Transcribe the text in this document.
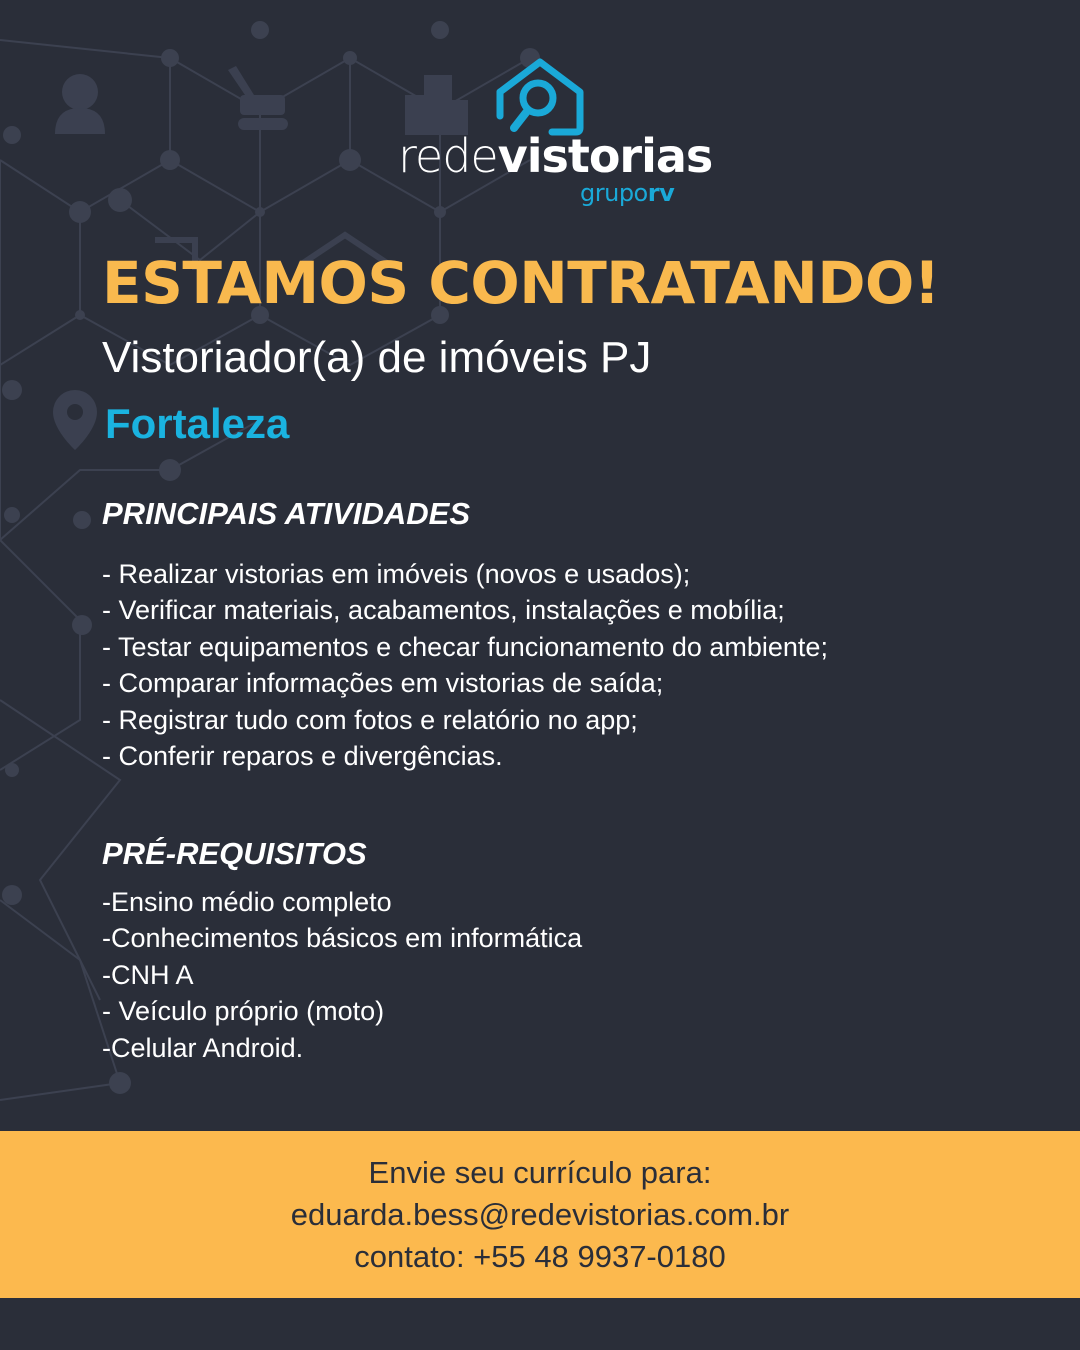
redevistorias
gruporv
ESTAMOS CONTRATANDO!
Vistoriador(a) de imóveis PJ
Fortaleza
PRINCIPAIS ATIVIDADES
- Realizar vistorias em imóveis (novos e usados);
- Verificar materiais, acabamentos, instalações e mobília;
- Testar equipamentos e checar funcionamento do ambiente;
- Comparar informações em vistorias de saída;
- Registrar tudo com fotos e relatório no app;
- Conferir reparos e divergências.
PRÉ-REQUISITOS
-Ensino médio completo
-Conhecimentos básicos em informática
-CNH A
- Veículo próprio (moto)
-Celular Android.
Envie seu currículo para:
eduarda.bess@redevistorias.com.br
contato: +55 48 9937-0180
